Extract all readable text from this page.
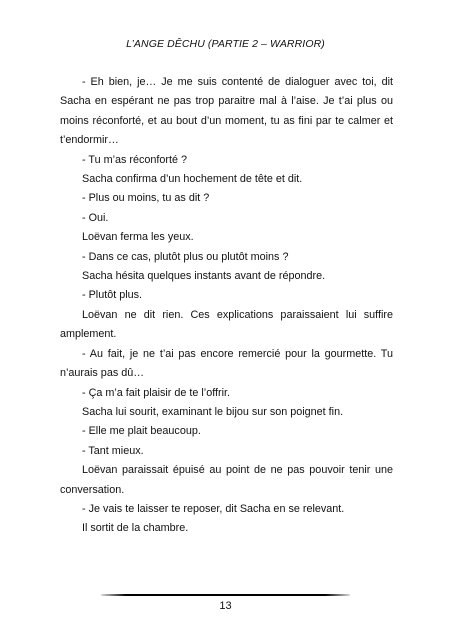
L’ANGE DÊCHU (PARTIE 2 – WARRIOR)

- Eh bien, je… Je me suis contenté de dialoguer avec toi, dit Sacha en espérant ne pas trop paraitre mal à l’aise. Je t’ai plus ou moins réconforté, et au bout d’un moment, tu as fini par te calmer et t’endormir…

- Tu m’as réconforté ?

Sacha confirma d’un hochement de tête et dit.

- Plus ou moins, tu as dit ?

- Oui.

Loëvan ferma les yeux.

- Dans ce cas, plutôt plus ou plutôt moins ?

Sacha hésita quelques instants avant de répondre.

- Plutôt plus.

Loëvan ne dit rien. Ces explications paraissaient lui suffire amplement.

- Au fait, je ne t’ai pas encore remercié pour la gourmette. Tu n’aurais pas dû…

- Ça m’a fait plaisir de te l’offrir.

Sacha lui sourit, examinant le bijou sur son poignet fin.

- Elle me plait beaucoup.

- Tant mieux.

Loëvan paraissait épuisé au point de ne pas pouvoir tenir une conversation.

- Je vais te laisser te reposer, dit Sacha en se relevant.

Il sortit de la chambre.

13
